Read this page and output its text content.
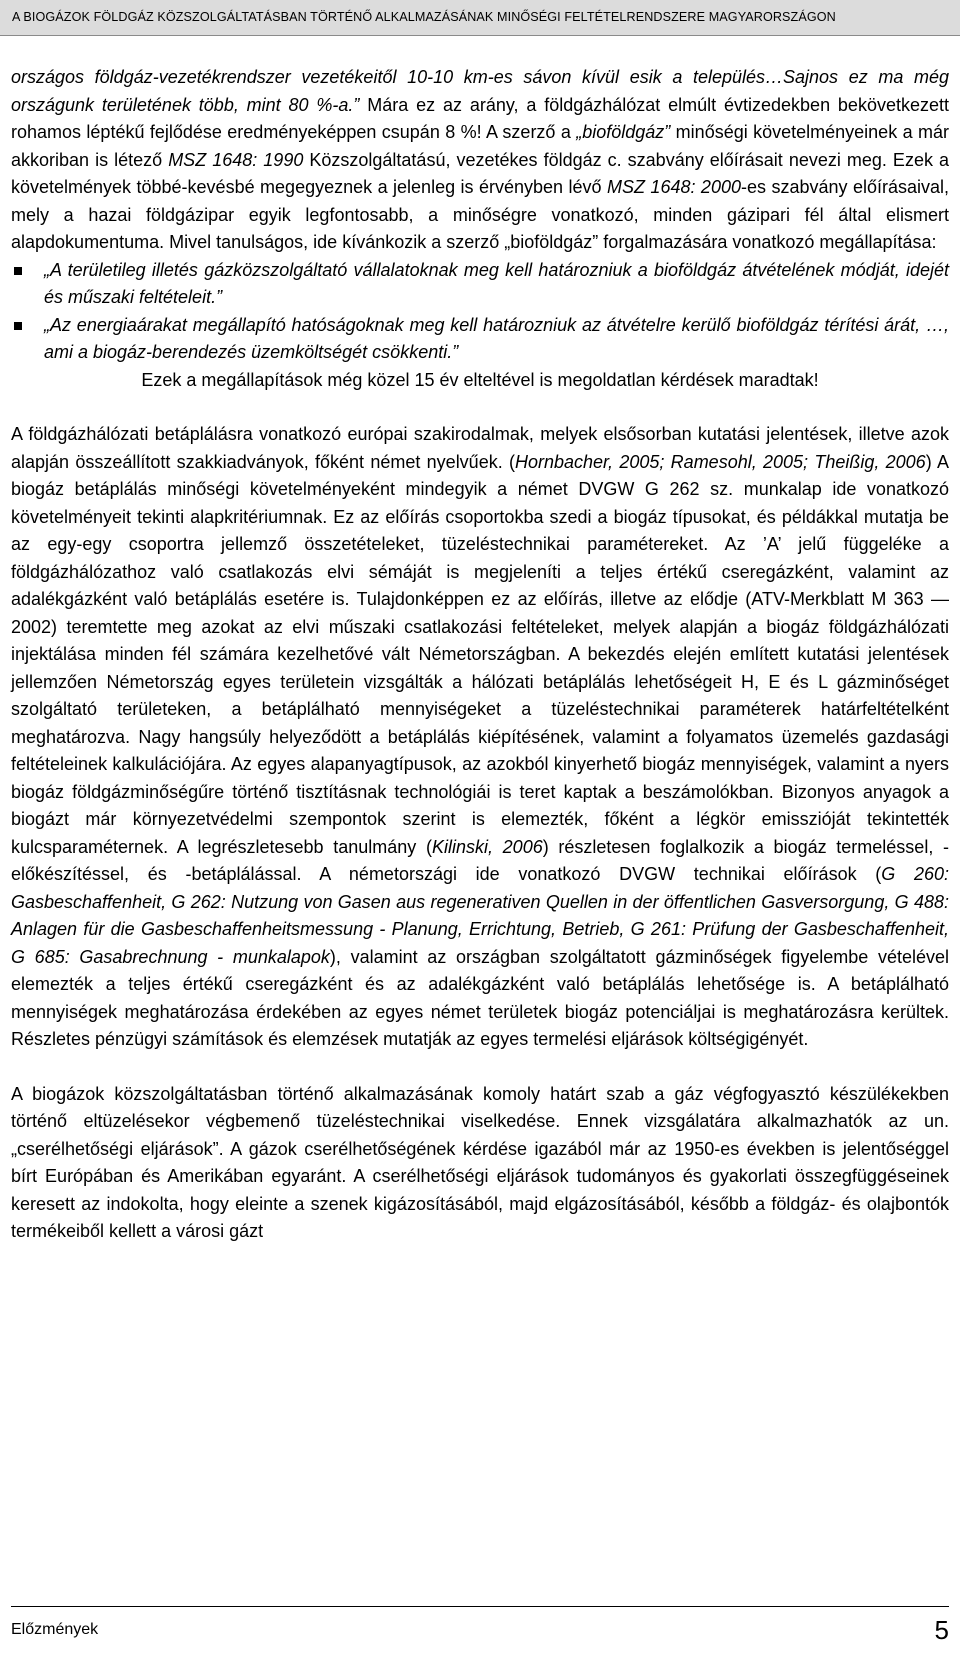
A BIOGÁZOK FÖLDGÁZ KÖZSZOLGÁLTATÁSBAN TÖRTÉNŐ ALKALMAZÁSÁNAK MINŐSÉGI FELTÉTELRENDSZERE MAGYARORSZÁGON

országos földgáz-vezetékrendszer vezetékeitől 10-10 km-es sávon kívül esik a település…Sajnos ez ma még országunk területének több, mint 80 %-a.” Mára ez az arány, a földgázhálózat elmúlt évtizedekben bekövetkezett rohamos léptékű fejlődése eredményeképpen csupán 8 %! A szerző a „bioföldgáz” minőségi követelményeinek a már akkoriban is létező MSZ 1648: 1990 Közszolgáltatású, vezetékes földgáz c. szabvány előírásait nevezi meg. Ezek a követelmények többé-kevésbé megegyeznek a jelenleg is érvényben lévő MSZ 1648: 2000-es szabvány előírásaival, mely a hazai földgázipar egyik legfontosabb, a minőségre vonatkozó, minden gázipari fél által elismert alapdokumentuma. Mivel tanulságos, ide kívánkozik a szerző „bioföldgáz” forgalmazására vonatkozó megállapítása:

„A területileg illetés gázközszolgáltató vállalatoknak meg kell határozniuk a bioföldgáz átvételének módját, idejét és műszaki feltételeit.”
„Az energiaárakat megállapító hatóságoknak meg kell határozniuk az átvételre kerülő bioföldgáz térítési árát, …, ami a biogáz-berendezés üzemköltségét csökkenti.”

Ezek a megállapítások még közel 15 év elteltével is megoldatlan kérdések maradtak!

A földgázhálózati betáplálásra vonatkozó európai szakirodalmak, melyek elsősorban kutatási jelentések, illetve azok alapján összeállított szakkiadványok, főként német nyelvűek. (Hornbacher, 2005; Ramesohl, 2005; Theißig, 2006) A biogáz betáplálás minőségi követelményeként mindegyik a német DVGW G 262 sz. munkalap ide vonatkozó követelményeit tekinti alapkritériumnak. Ez az előírás csoportokba szedi a biogáz típusokat, és példákkal mutatja be az egy-egy csoportra jellemző összetételeket, tüzeléstechnikai paramétereket. Az ’A’ jelű függeléke a földgázhálózathoz való csatlakozás elvi sémáját is megjeleníti a teljes értékű cseregázként, valamint az adalékgázként való betáplálás esetére is. Tulajdonképpen ez az előírás, illetve az elődje (ATV-Merkblatt M 363 — 2002) teremtette meg azokat az elvi műszaki csatlakozási feltételeket, melyek alapján a biogáz földgázhálózati injektálása minden fél számára kezelhetővé vált Németországban. A bekezdés elején említett kutatási jelentések jellemzően Németország egyes területein vizsgálták a hálózati betáplálás lehetőségeit H, E és L gázminőséget szolgáltató területeken, a betáplálható mennyiségeket a tüzeléstechnikai paraméterek határfeltételként meghatározva. Nagy hangsúly helyeződött a betáplálás kiépítésének, valamint a folyamatos üzemelés gazdasági feltételeinek kalkulációjára. Az egyes alapanyagtípusok, az azokból kinyerhető biogáz mennyiségek, valamint a nyers biogáz földgázminőségűre történő tisztításnak technológiái is teret kaptak a beszámolókban. Bizonyos anyagok a biogázt már környezetvédelmi szempontok szerint is elemezték, főként a légkör emisszióját tekintették kulcsparaméternek. A legrészletesebb tanulmány (Kilinski, 2006) részletesen foglalkozik a biogáz termeléssel, -előkészítéssel, és -betáplálással. A németországi ide vonatkozó DVGW technikai előírások (G 260: Gasbeschaffenheit, G 262: Nutzung von Gasen aus regenerativen Quellen in der öffentlichen Gasversorgung, G 488: Anlagen für die Gasbeschaffenheitsmessung - Planung, Errichtung, Betrieb, G 261: Prüfung der Gasbeschaffenheit, G 685: Gasabrechnung - munkalapok), valamint az országban szolgáltatott gázminőségek figyelembe vételével elemezték a teljes értékű cseregázként és az adalékgázként való betáplálás lehetősége is. A betáplálható mennyiségek meghatározása érdekében az egyes német területek biogáz potenciáljai is meghatározásra kerültek. Részletes pénzügyi számítások és elemzések mutatják az egyes termelési eljárások költségigényét.

A biogázok közszolgáltatásban történő alkalmazásának komoly határt szab a gáz végfogyasztó készülékekben történő eltüzelésekor végbemenő tüzeléstechnikai viselkedése. Ennek vizsgálatára alkalmazhatók az un. „cserélhetőségi eljárások”. A gázok cserélhetőségének kérdése igazából már az 1950-es években is jelentőséggel bírt Európában és Amerikában egyaránt. A cserélhetőségi eljárások tudományos és gyakorlati összegfüggéseinek keresett az indokolta, hogy eleinte a szenek kigázosításából, majd elgázosításából, később a földgáz- és olajbontók termékeiből kellett a városi gázt

Előzmények	5
